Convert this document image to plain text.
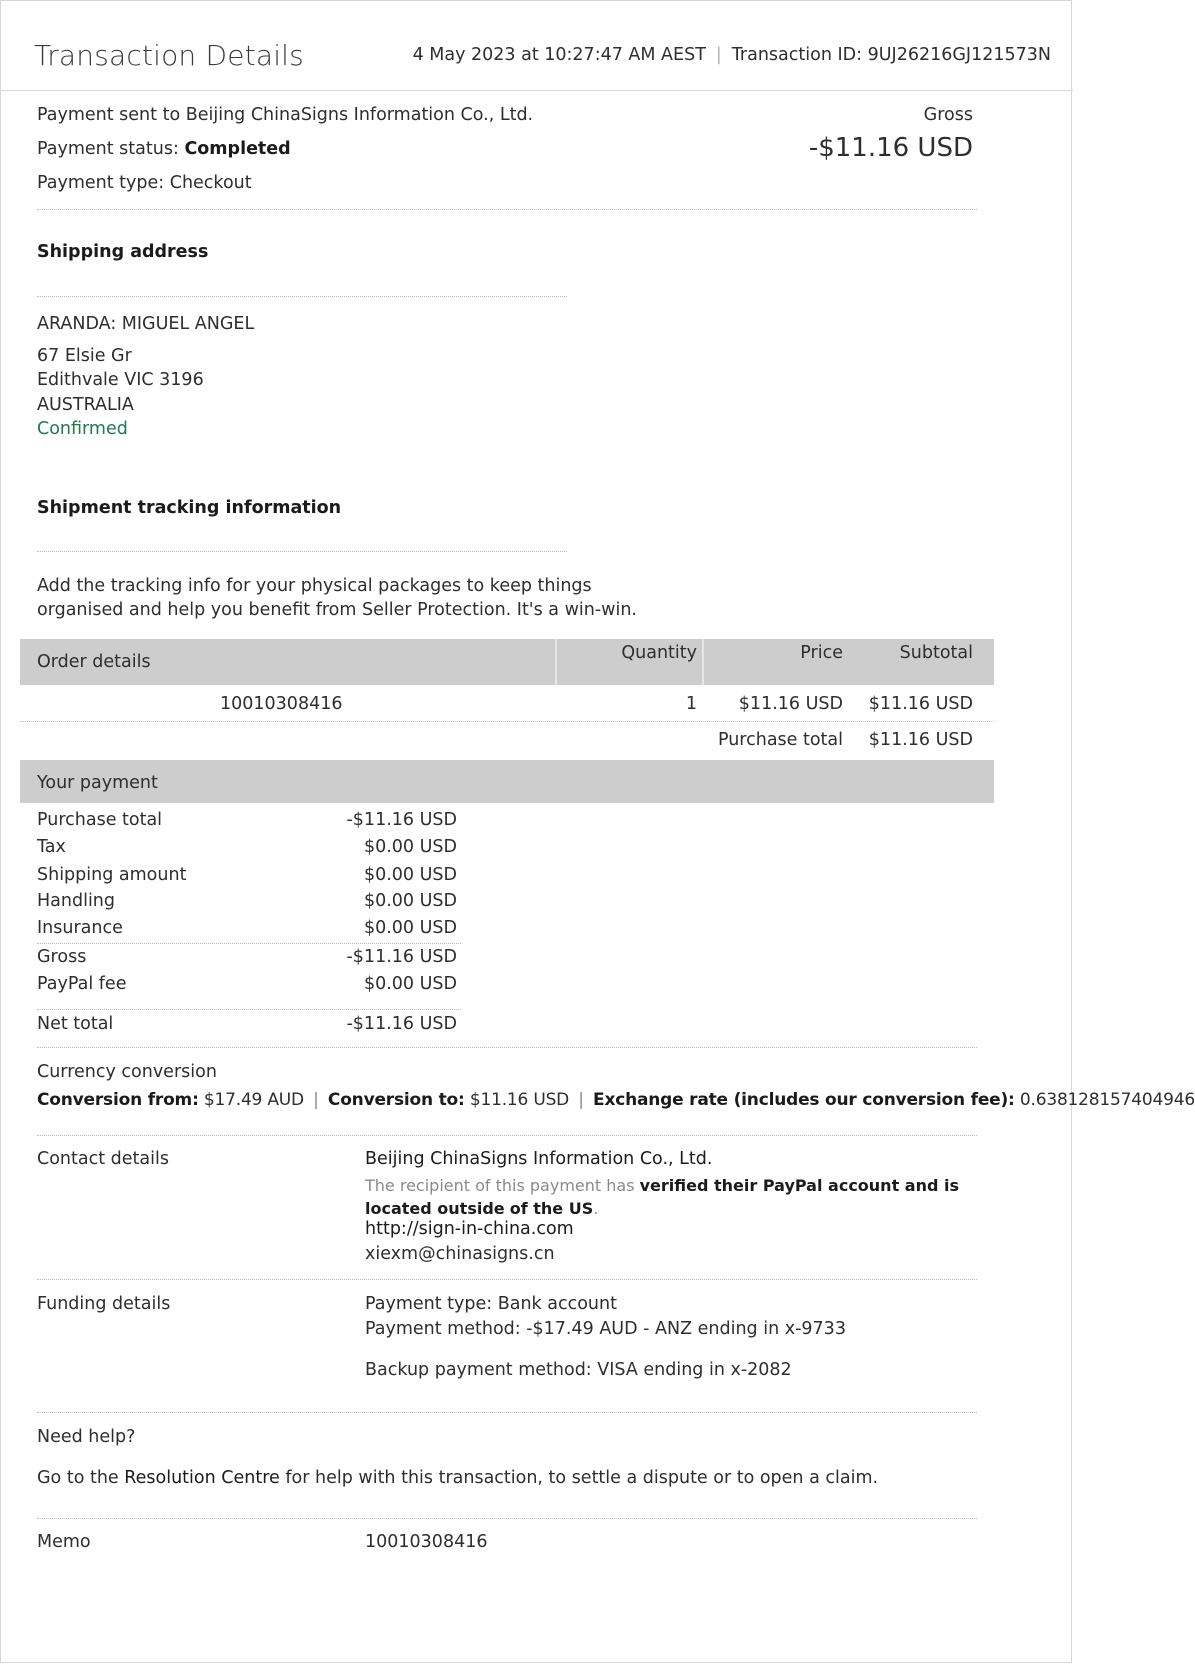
Transaction Details	4 May 2023 at 10:27:47 AM AEST | Transaction ID: 9UJ26216GJ121573N
Payment sent to Beijing ChinaSigns Information Co., Ltd.
Payment status: Completed
Payment type: Checkout
Gross
-$11.16 USD
Shipping address
ARANDA: MIGUEL ANGEL
67 Elsie Gr
Edithvale VIC 3196
AUSTRALIA
Confirmed
Shipment tracking information
Add the tracking info for your physical packages to keep things
organised and help you benefit from Seller Protection. It's a win-win.
Order details	Quantity	Price	Subtotal
10010308416	1 $11.16 USD $11.16 USD
Purchase total $11.16 USD
Your payment
Purchase total	-$11.16 USD
Tax	$0.00 USD
Shipping amount	$0.00 USD
Handling	$0.00 USD
Insurance	$0.00 USD
Gross	-$11.16 USD
PayPal fee	$0.00 USD
Net total	-$11.16 USD
Currency conversion
Conversion from: $17.49 AUD | Conversion to: $11.16 USD | Exchange rate (includes our conversion fee): 0.638128157404946
Contact details	Beijing ChinaSigns Information Co., Ltd.
The recipient of this payment has verified their PayPal account and is located outside of the US.
http://sign-in-china.com
xiexm@chinasigns.cn
Funding details	Payment type: Bank account
Payment method: -$17.49 AUD - ANZ ending in x-9733
Backup payment method: VISA ending in x-2082
Need help?
Go to the Resolution Centre for help with this transaction, to settle a dispute or to open a claim.
Memo	10010308416
